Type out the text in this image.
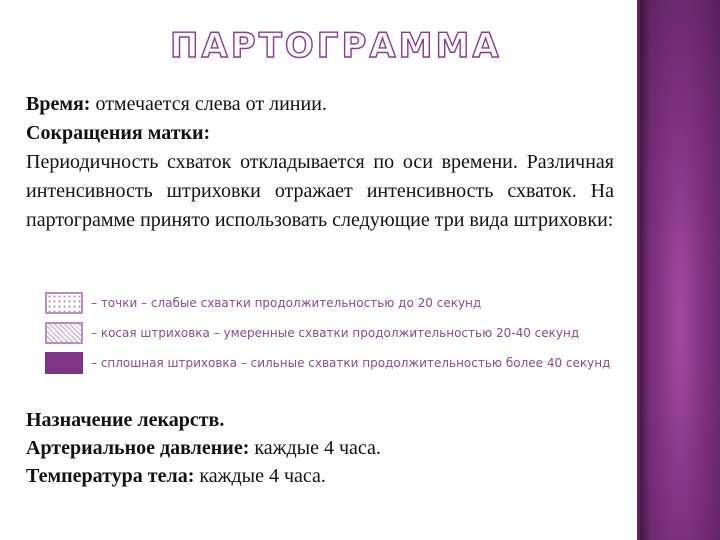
ПАРТОГРАММА

Время: отмечается слева от линии.

Сокращения матки:

Периодичность схваток откладывается по оси времени. Различная интенсивность штриховки отражает интенсивность схваток. На партограмме принято использовать следующие три вида штриховки:

– точки – слабые схватки продолжительностью до 20 секунд
– косая штриховка – умеренные схватки продолжительностью 20-40 секунд
– сплошная штриховка – сильные схватки продолжительностью более 40 секунд

Назначение лекарств.

Артериальное давление: каждые 4 часа.

Температура тела: каждые 4 часа.
